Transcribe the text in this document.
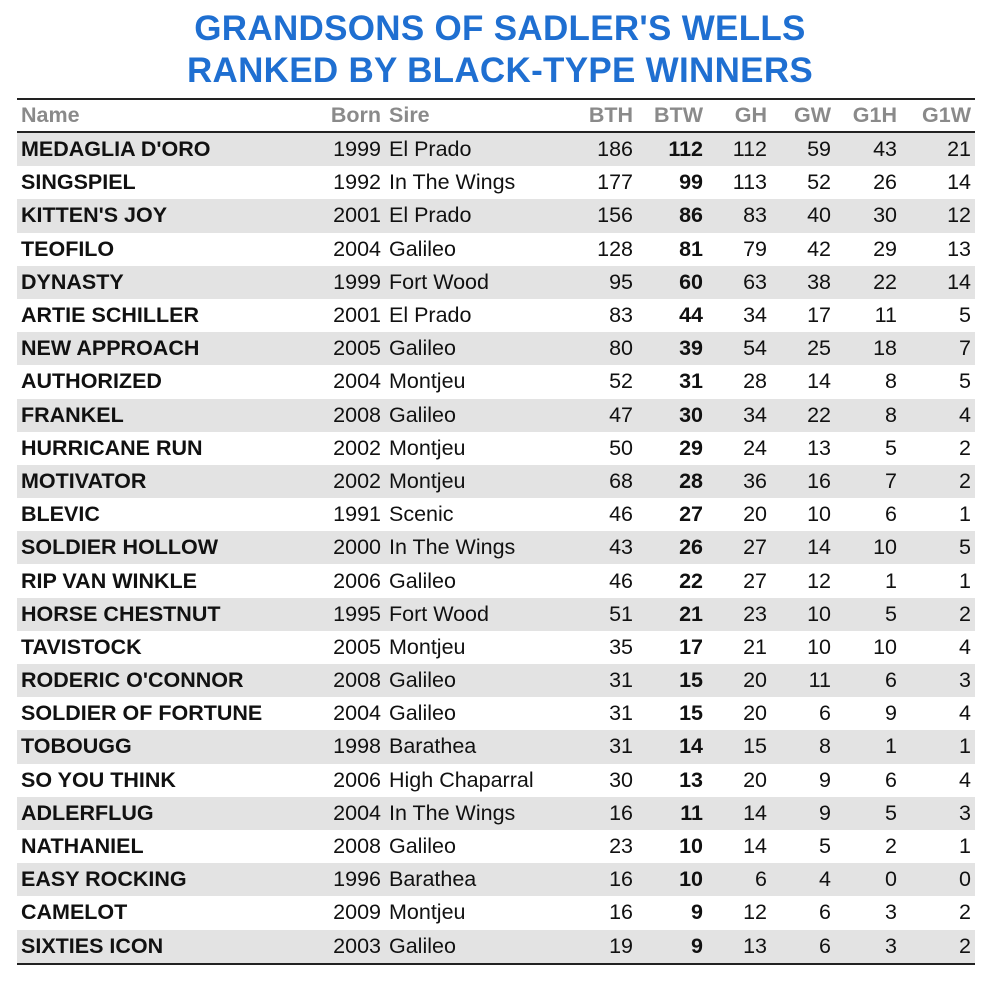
GRANDSONS OF SADLER'S WELLS
RANKED BY BLACK-TYPE WINNERS
Name	Born	Sire	BTH	BTW	GH	GW	G1H	G1W
MEDAGLIA D'ORO	1999	El Prado	186	112	112	59	43	21
SINGSPIEL	1992	In The Wings	177	99	113	52	26	14
KITTEN'S JOY	2001	El Prado	156	86	83	40	30	12
TEOFILO	2004	Galileo	128	81	79	42	29	13
DYNASTY	1999	Fort Wood	95	60	63	38	22	14
ARTIE SCHILLER	2001	El Prado	83	44	34	17	11	5
NEW APPROACH	2005	Galileo	80	39	54	25	18	7
AUTHORIZED	2004	Montjeu	52	31	28	14	8	5
FRANKEL	2008	Galileo	47	30	34	22	8	4
HURRICANE RUN	2002	Montjeu	50	29	24	13	5	2
MOTIVATOR	2002	Montjeu	68	28	36	16	7	2
BLEVIC	1991	Scenic	46	27	20	10	6	1
SOLDIER HOLLOW	2000	In The Wings	43	26	27	14	10	5
RIP VAN WINKLE	2006	Galileo	46	22	27	12	1	1
HORSE CHESTNUT	1995	Fort Wood	51	21	23	10	5	2
TAVISTOCK	2005	Montjeu	35	17	21	10	10	4
RODERIC O'CONNOR	2008	Galileo	31	15	20	11	6	3
SOLDIER OF FORTUNE	2004	Galileo	31	15	20	6	9	4
TOBOUGG	1998	Barathea	31	14	15	8	1	1
SO YOU THINK	2006	High Chaparral	30	13	20	9	6	4
ADLERFLUG	2004	In The Wings	16	11	14	9	5	3
NATHANIEL	2008	Galileo	23	10	14	5	2	1
EASY ROCKING	1996	Barathea	16	10	6	4	0	0
CAMELOT	2009	Montjeu	16	9	12	6	3	2
SIXTIES ICON	2003	Galileo	19	9	13	6	3	2
